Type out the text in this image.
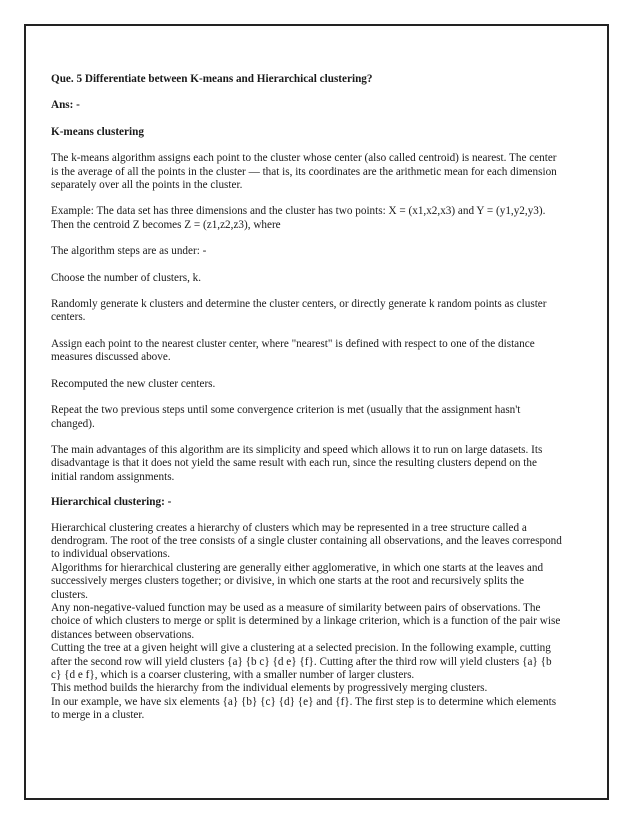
Que. 5 Differentiate between K-means and Hierarchical clustering?

Ans: -

K-means clustering

The k-means algorithm assigns each point to the cluster whose center (also called centroid) is nearest. The center is the average of all the points in the cluster — that is, its coordinates are the arithmetic mean for each dimension separately over all the points in the cluster.

Example: The data set has three dimensions and the cluster has two points: X = (x1,x2,x3) and Y = (y1,y2,y3). Then the centroid Z becomes Z = (z1,z2,z3), where

The algorithm steps are as under: -

Choose the number of clusters, k.

Randomly generate k clusters and determine the cluster centers, or directly generate k random points as cluster centers.

Assign each point to the nearest cluster center, where "nearest" is defined with respect to one of the distance measures discussed above.

Recomputed the new cluster centers.

Repeat the two previous steps until some convergence criterion is met (usually that the assignment hasn't changed).

The main advantages of this algorithm are its simplicity and speed which allows it to run on large datasets. Its disadvantage is that it does not yield the same result with each run, since the resulting clusters depend on the initial random assignments.

Hierarchical clustering: -

Hierarchical clustering creates a hierarchy of clusters which may be represented in a tree structure called a dendrogram. The root of the tree consists of a single cluster containing all observations, and the leaves correspond to individual observations.

Algorithms for hierarchical clustering are generally either agglomerative, in which one starts at the leaves and successively merges clusters together; or divisive, in which one starts at the root and recursively splits the clusters.

Any non-negative-valued function may be used as a measure of similarity between pairs of observations. The choice of which clusters to merge or split is determined by a linkage criterion, which is a function of the pair wise distances between observations.

Cutting the tree at a given height will give a clustering at a selected precision. In the following example, cutting after the second row will yield clusters {a} {b c} {d e} {f}. Cutting after the third row will yield clusters {a} {b c} {d e f}, which is a coarser clustering, with a smaller number of larger clusters.

This method builds the hierarchy from the individual elements by progressively merging clusters.

In our example, we have six elements {a} {b} {c} {d} {e} and {f}. The first step is to determine which elements to merge in a cluster.
